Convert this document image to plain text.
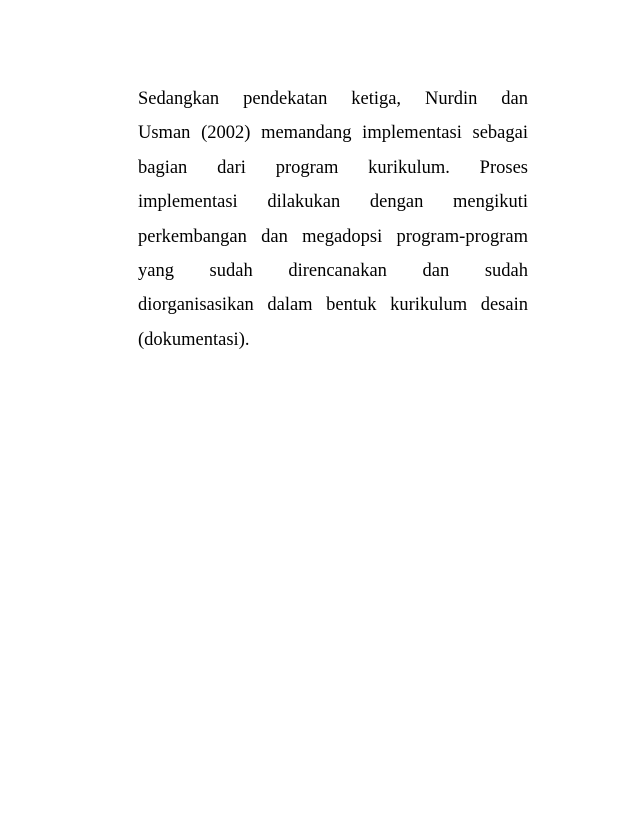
Sedangkan pendekatan ketiga, Nurdin dan
Usman (2002) memandang implementasi sebagai
bagian dari program kurikulum. Proses
implementasi dilakukan dengan mengikuti
perkembangan dan megadopsi program-program
yang sudah direncanakan dan sudah
diorganisasikan dalam bentuk kurikulum desain
(dokumentasi).
